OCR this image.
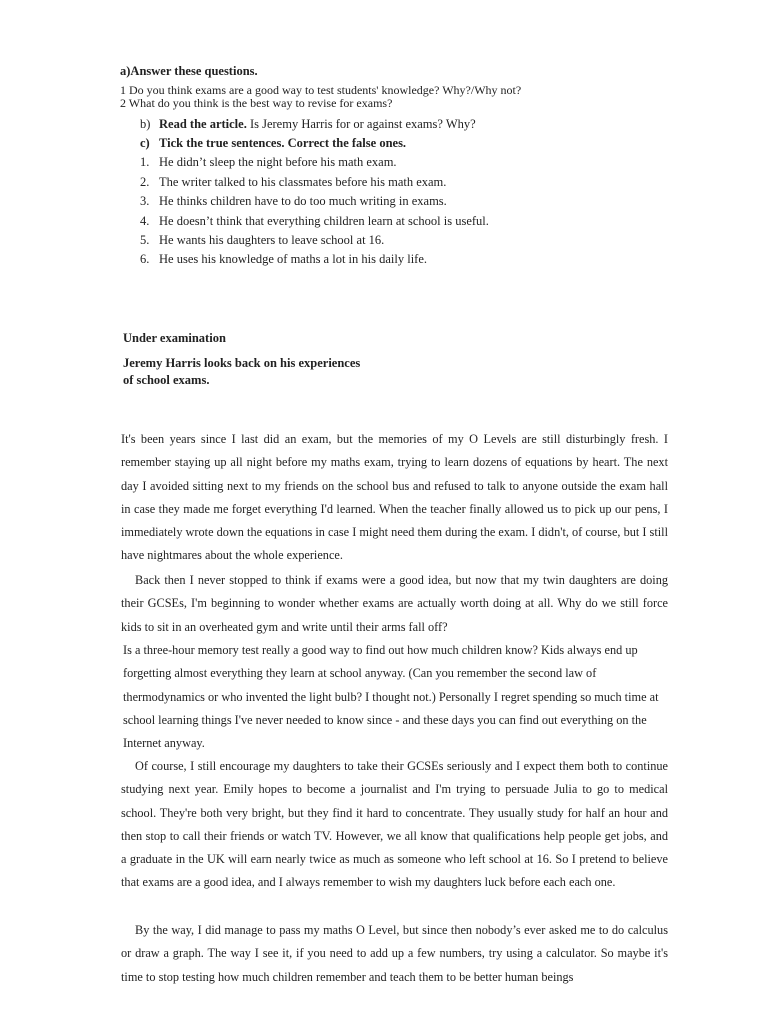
a)Answer these questions.
1 Do you think exams are a good way to test students' knowledge? Why?/Why not?
2 What do you think is the best way to revise for exams?
b) Read the article. Is Jeremy Harris for or against exams? Why?
c) Tick the true sentences. Correct the false ones.
1. He didn’t sleep the night before his math exam.
2. The writer talked to his classmates before his math exam.
3. He thinks children have to do too much writing in exams.
4. He doesn’t think that everything children learn at school is useful.
5. He wants his daughters to leave school at 16.
6. He uses his knowledge of maths a lot in his daily life.
Under examination
Jeremy Harris looks back on his experiences
of school exams.
It's been years since I last did an exam, but the memories of my O Levels are still disturbingly fresh. I remember staying up all night before my maths exam, trying to learn dozens of equations by heart. The next day I avoided sitting next to my friends on the school bus and refused to talk to anyone outside the exam hall in case they made me forget everything I'd learned. When the teacher finally allowed us to pick up our pens, I immediately wrote down the equations in case I might need them during the exam. I didn't, of course, but I still have nightmares about the whole experience.
Back then I never stopped to think if exams were a good idea, but now that my twin daughters are doing their GCSEs, I'm beginning to wonder whether exams are actually worth doing at all. Why do we still force kids to sit in an overheated gym and write until their arms fall off?
Is a three-hour memory test really a good way to find out how much children know? Kids always end up forgetting almost everything they learn at school anyway. (Can you remember the second law of thermodynamics or who invented the light bulb? I thought not.) Personally I regret spending so much time at school learning things I've never needed to know since - and these days you can find out everything on the Internet anyway.
Of course, I still encourage my daughters to take their GCSEs seriously and I expect them both to continue studying next year. Emily hopes to become a journalist and I'm trying to persuade Julia to go to medical school. They're both very bright, but they find it hard to concentrate. They usually study for half an hour and then stop to call their friends or watch TV. However, we all know that qualifications help people get jobs, and a graduate in the UK will earn nearly twice as much as someone who left school at 16. So I pretend to believe that exams are a good idea, and I always remember to wish my daughters luck before each each one.
By the way, I did manage to pass my maths O Level, but since then nobody’s ever asked me to do calculus or draw a graph. The way I see it, if you need to add up a few numbers, try using a calculator. So maybe it's time to stop testing how much children remember and teach them to be better human beings
